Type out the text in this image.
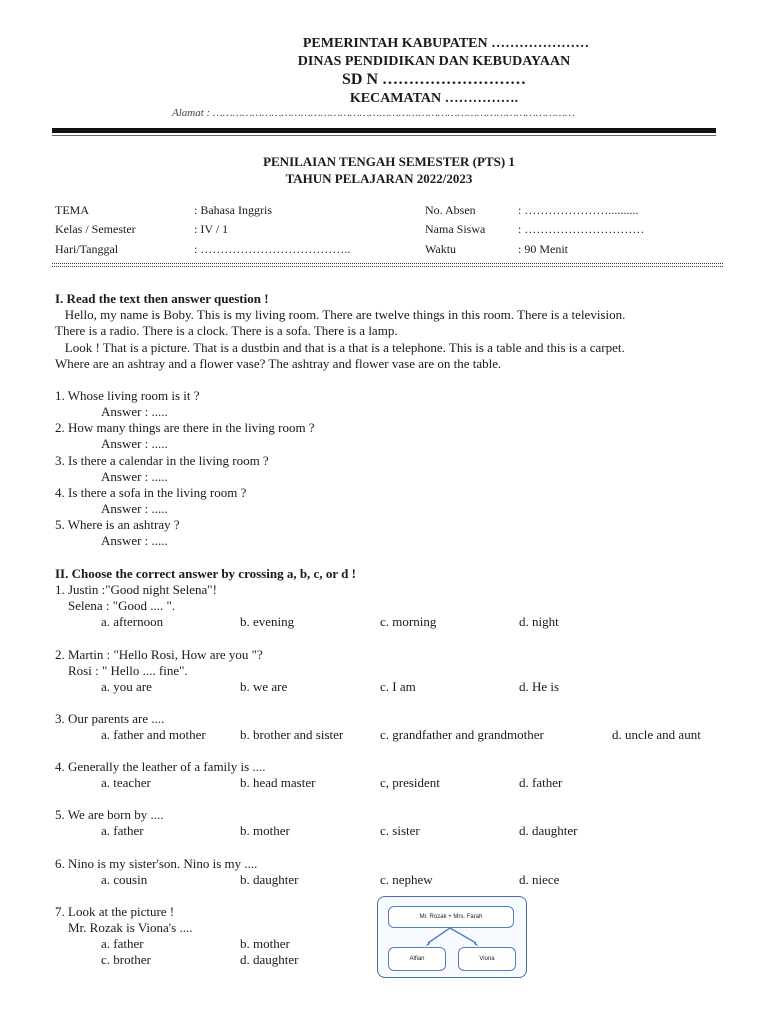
PEMERINTAH KABUPATEN …………………
DINAS PENDIDIKAN DAN KEBUDAYAAN
SD N ………………………
KECAMATAN …………….
Alamat : …………………………………………………………………………………………………
PENILAIAN TENGAH SEMESTER (PTS) 1
TAHUN PELAJARAN 2022/2023
TEMA	: Bahasa Inggris
Kelas / Semester	: IV / 1
Hari/Tanggal	: ………………………………..
No. Absen	: …………………..........
Nama Siswa	: …………………………
Waktu	: 90 Menit
I. Read the text then answer question !
Hello, my name is Boby. This is my living room. There are twelve things in this room. There is a television.
There is a radio. There is a clock. There is a sofa. There is a lamp.
Look ! That is a picture. That is a dustbin and that is a that is a telephone. This is a table and this is a carpet.
Where are an ashtray and a flower vase? The ashtray and flower vase are on the table.
1. Whose living room is it ?
Answer : .....
2. How many things are there in the living room ?
Answer : .....
3. Is there a calendar in the living room ?
Answer : .....
4. Is there a sofa in the living room ?
Answer : .....
5. Where is an ashtray ?
Answer : .....
II. Choose the correct answer by crossing a, b, c, or d !
1. Justin :"Good night Selena"!
Selena : "Good .... ".
a. afternoon	b. evening	c. morning	d. night
2. Martin : "Hello Rosi, How are you "?
Rosi : " Hello .... fine".
a. you are	b. we are	c. I am	d. He is
3. Our parents are ....
a. father and mother	b. brother and sister	c. grandfather and grandmother	d. uncle and aunt
4. Generally the leather of a family is ....
a. teacher	b. head master	c, president	d. father
5. We are born by ....
a. father	b. mother	c. sister	d. daughter
6. Nino is my sister'son. Nino is my ....
a. cousin	b. daughter	c. nephew	d. niece
7. Look at the picture !
Mr. Rozak is Viona's ....
a. father	b. mother
c. brother	d. daughter
Mr. Rozak + Mrs. Farah
Alfian	Viona
